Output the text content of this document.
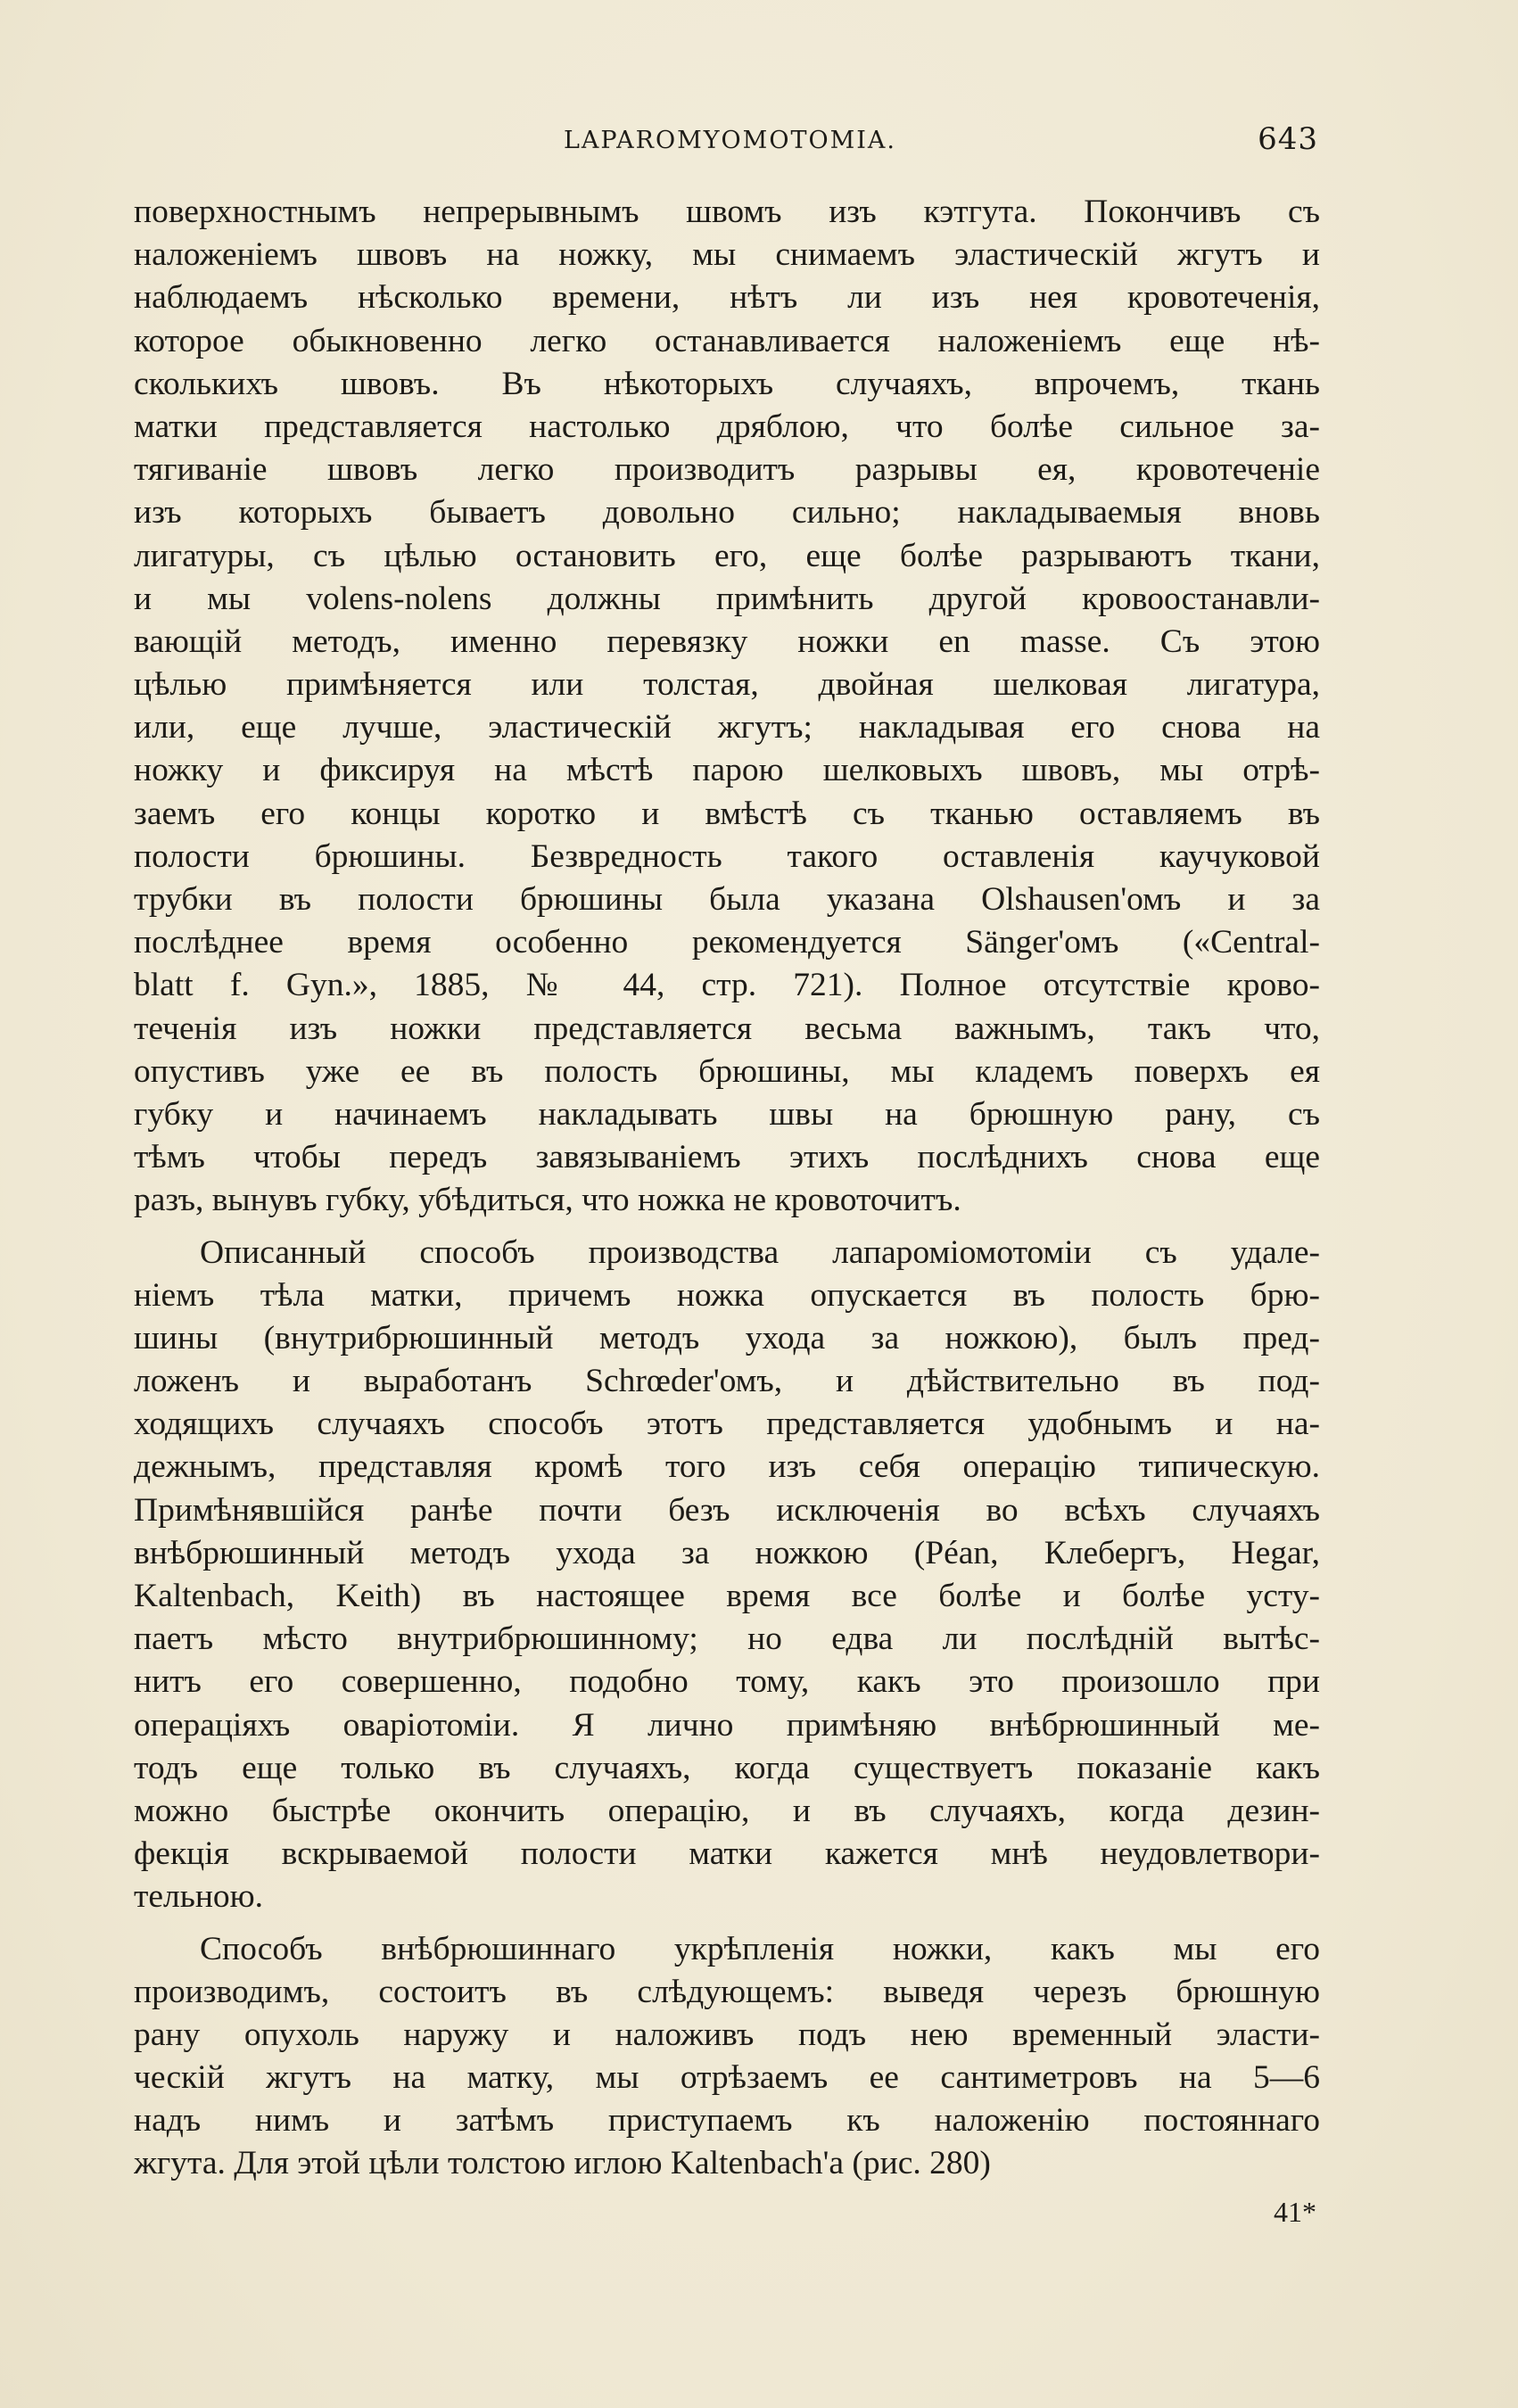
LAPAROMYOMOTOMIA.	643
поверхностнымъ непрерывнымъ швомъ изъ кэтгута. Покончивъ съ
наложеніемъ швовъ на ножку, мы снимаемъ эластическій жгутъ и
наблюдаемъ нѣсколько времени, нѣтъ ли изъ нея кровотеченія,
которое обыкновенно легко останавливается наложеніемъ еще нѣ-
сколькихъ швовъ. Въ нѣкоторыхъ случаяхъ, впрочемъ, ткань
матки представляется настолько дряблою, что болѣе сильное за-
тягиваніе швовъ легко производитъ разрывы ея, кровотеченіе
изъ которыхъ бываетъ довольно сильно; накладываемыя вновь
лигатуры, съ цѣлью остановить его, еще болѣе разрываютъ ткани,
и мы volens-nolens должны примѣнить другой кровоостанавли-
вающій методъ, именно перевязку ножки en masse. Съ этою
цѣлью примѣняется или толстая, двойная шелковая лигатура,
или, еще лучше, эластическій жгутъ; накладывая его снова на
ножку и фиксируя на мѣстѣ парою шелковыхъ швовъ, мы отрѣ-
заемъ его концы коротко и вмѣстѣ съ тканью оставляемъ въ
полости брюшины. Безвредность такого оставленія каучуковой
трубки въ полости брюшины была указана Olshausen'омъ и за
послѣднее время особенно рекомендуется Sänger'омъ («Central-
blatt f. Gyn.», 1885, № 44, стр. 721). Полное отсутствіе крово-
теченія изъ ножки представляется весьма важнымъ, такъ что,
опустивъ уже ее въ полость брюшины, мы кладемъ поверхъ ея
губку и начинаемъ накладывать швы на брюшную рану, съ
тѣмъ чтобы передъ завязываніемъ этихъ послѣднихъ снова еще
разъ, вынувъ губку, убѣдиться, что ножка не кровоточитъ.
Описанный способъ производства лапаромiомотомiи съ удале-
ніемъ тѣла матки, причемъ ножка опускается въ полость брю-
шины (внутрибрюшинный методъ ухода за ножкою), былъ пред-
ложенъ и выработанъ Schrœder'омъ, и дѣйствительно въ под-
ходящихъ случаяхъ способъ этотъ представляется удобнымъ и на-
дежнымъ, представляя кромѣ того изъ себя операцію типическую.
Примѣнявшійся ранѣе почти безъ исключенія во всѣхъ случаяхъ
внѣбрюшинный методъ ухода за ножкою (Péan, Клебергъ, Hegar,
Kaltenbach, Keith) въ настоящее время все болѣе и болѣе усту-
паетъ мѣсто внутрибрюшинному; но едва ли послѣдній вытѣс-
нитъ его совершенно, подобно тому, какъ это произошло при
операціяхъ оваріотоміи. Я лично примѣняю внѣбрюшинный ме-
тодъ еще только въ случаяхъ, когда существуетъ показаніе какъ
можно быстрѣе окончить операцію, и въ случаяхъ, когда дезин-
фекція вскрываемой полости матки кажется мнѣ неудовлетвори-
тельною.
Способъ внѣбрюшиннаго укрѣпленія ножки, какъ мы его
производимъ, состоитъ въ слѣдующемъ: выведя черезъ брюшную
рану опухоль наружу и наложивъ подъ нею временный эласти-
ческій жгутъ на матку, мы отрѣзаемъ ее сантиметровъ на 5—6
надъ нимъ и затѣмъ приступаемъ къ наложенію постояннаго
жгута. Для этой цѣли толстою иглою Kaltenbach'а (рис. 280)
41*
